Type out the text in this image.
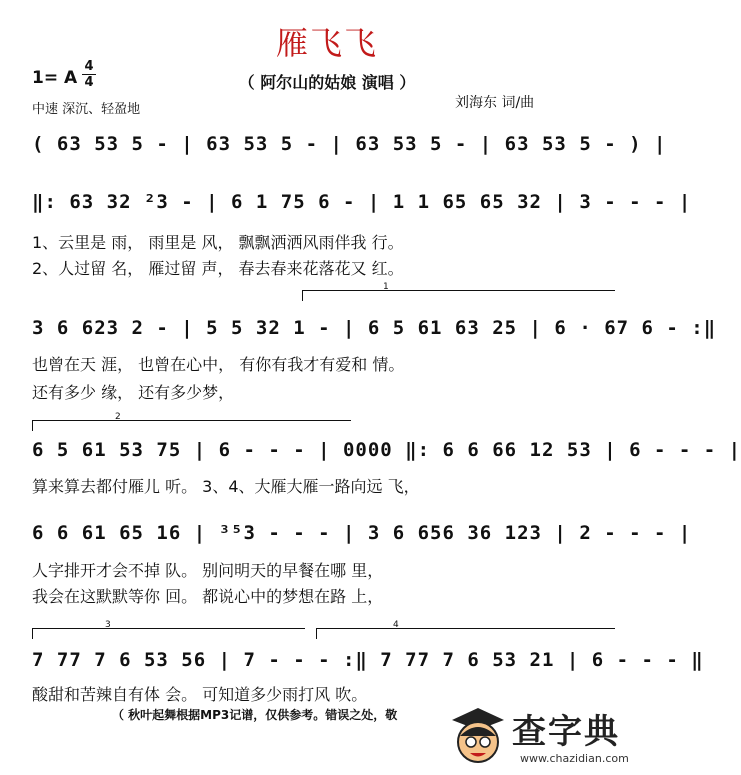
雁飞飞
1= A
4
4	（ 阿尔山的姑娘 演唱 ）
中速 深沉、轻盈地	刘海东 词/曲
( 63 53 5 - | 63 53 5 - | 63 53 5 - | 63 53 5 - ) |
‖: 63 32 ²3 - | 6 1 75 6 - | 1 1 65 65 32 | 3 - - - |
1、云里是 雨， 雨里是 风， 飘飘洒洒风雨伴我 行。
2、人过留 名， 雁过留 声， 春去春来花落花又 红。
1
3 6 623 2 - | 5 5 32 1 - | 6 5 61 63 25 | 6 · 67 6 - :‖
也曾在天 涯， 也曾在心中， 有你有我才有爱和 情。
还有多少 缘， 还有多少梦，
2
6 5 61 53 75 | 6 - - - | 0000 ‖: 6 6 66 12 53 | 6 - - - |
算来算去都付雁儿 听。 3、4、大雁大雁一路向远 飞，
6 6 61 65 16 | ³⁵3 - - - | 3 6 656 36 123 | 2 - - - |
人字排开才会不掉 队。 别问明天的早餐在哪 里，
我会在这默默等你 回。 都说心中的梦想在路 上，
3	4
7 77 7 6 53 56 | 7 - - - :‖ 7 77 7 6 53 21 | 6 - - - ‖
酸甜和苦辣自有体 会。 可知道多少雨打风 吹。
（ 秋叶起舞根据MP3记谱，仅供参考。错误之处，敬	查字典
www.chazidian.com
